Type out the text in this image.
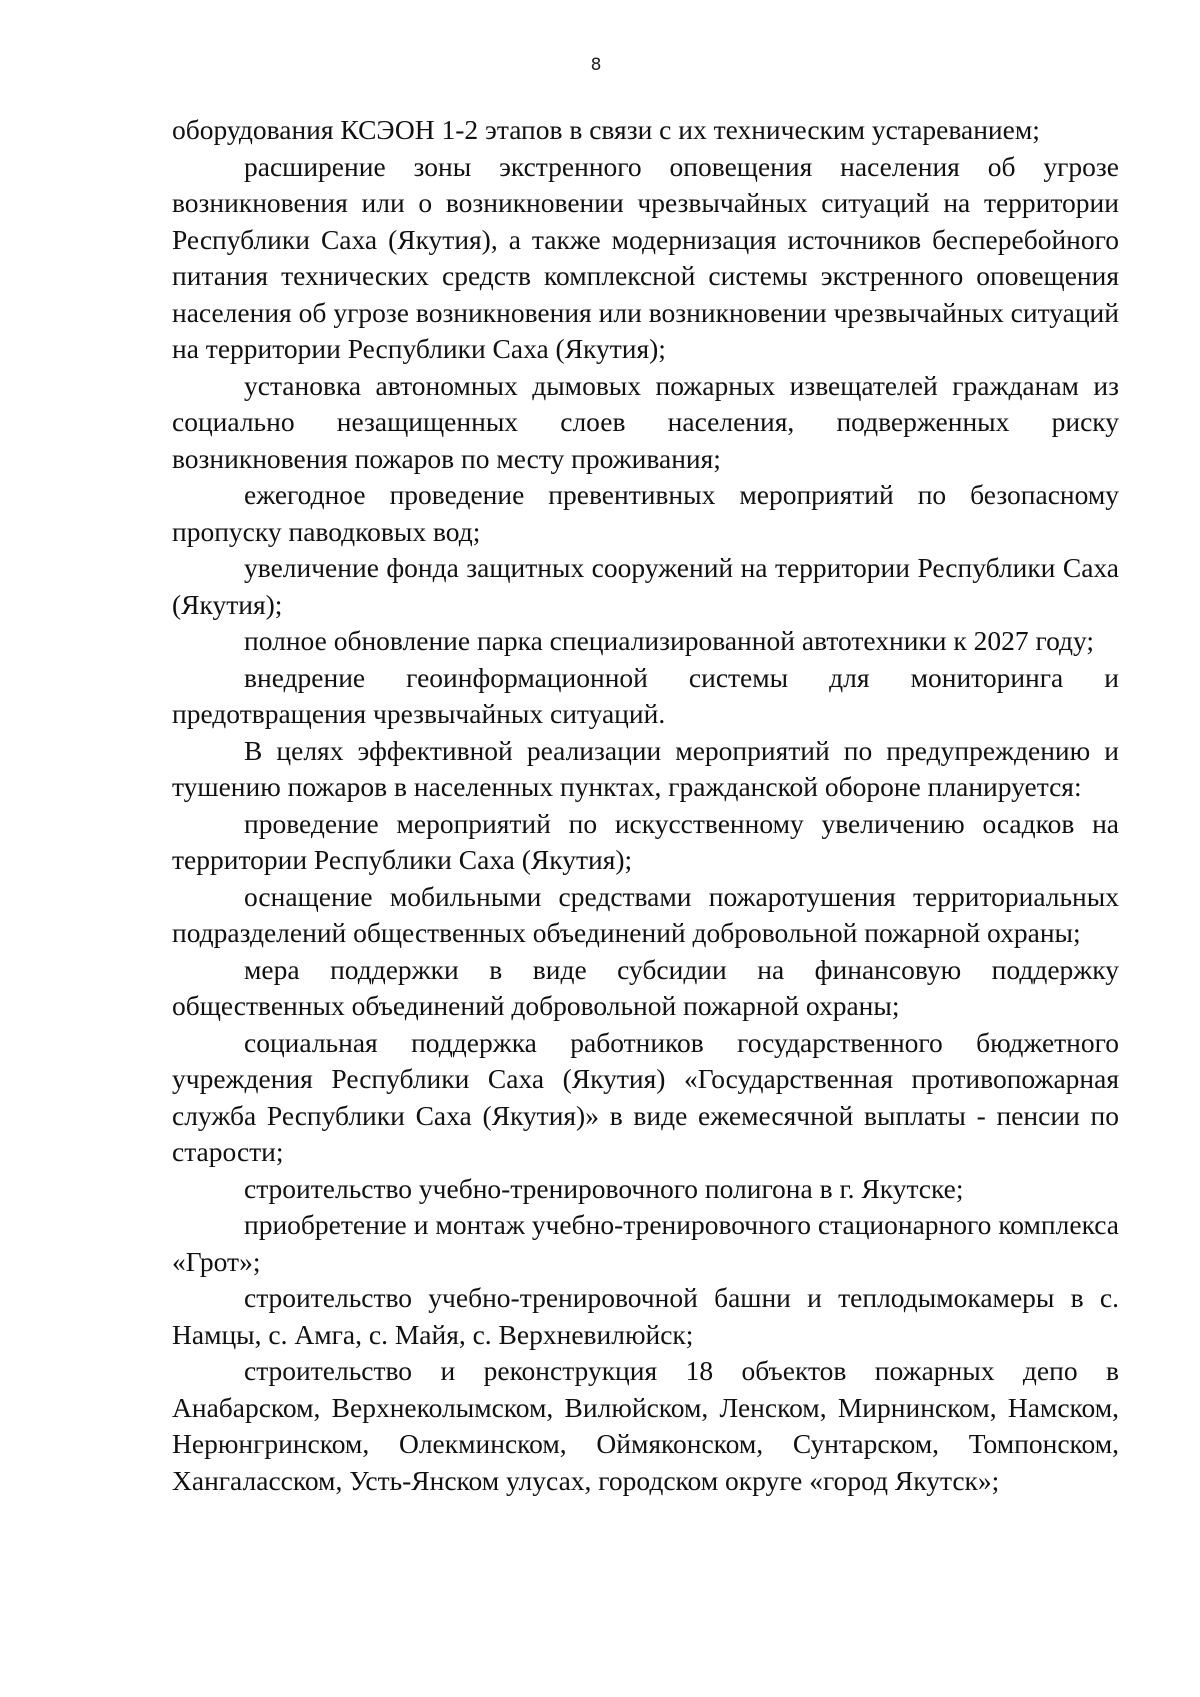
8

оборудования КСЭОН 1-2 этапов в связи с их техническим устареванием;

расширение зоны экстренного оповещения населения об угрозе возникновения или о возникновении чрезвычайных ситуаций на территории Республики Саха (Якутия), а также модернизация источников бесперебойного питания технических средств комплексной системы экстренного оповещения населения об угрозе возникновения или возникновении чрезвычайных ситуаций на территории Республики Саха (Якутия);

установка автономных дымовых пожарных извещателей гражданам из социально незащищенных слоев населения, подверженных риску возникновения пожаров по месту проживания;

ежегодное проведение превентивных мероприятий по безопасному пропуску паводковых вод;

увеличение фонда защитных сооружений на территории Республики Саха (Якутия);

полное обновление парка специализированной автотехники к 2027 году;

внедрение геоинформационной системы для мониторинга и предотвращения чрезвычайных ситуаций.

В целях эффективной реализации мероприятий по предупреждению и тушению пожаров в населенных пунктах, гражданской обороне планируется:

проведение мероприятий по искусственному увеличению осадков на территории Республики Саха (Якутия);

оснащение мобильными средствами пожаротушения территориальных подразделений общественных объединений добровольной пожарной охраны;

мера поддержки в виде субсидии на финансовую поддержку общественных объединений добровольной пожарной охраны;

социальная поддержка работников государственного бюджетного учреждения Республики Саха (Якутия) «Государственная противопожарная служба Республики Саха (Якутия)» в виде ежемесячной выплаты - пенсии по старости;

строительство учебно-тренировочного полигона в г. Якутске;

приобретение и монтаж учебно-тренировочного стационарного комплекса «Грот»;

строительство учебно-тренировочной башни и теплодымокамеры в с. Намцы, с. Амга, с. Майя, с. Верхневилюйск;

строительство и реконструкция 18 объектов пожарных депо в Анабарском, Верхнеколымском, Вилюйском, Ленском, Мирнинском, Намском, Нерюнгринском, Олекминском, Оймяконском, Сунтарском, Томпонском, Хангаласском, Усть-Янском улусах, городском округе «город Якутск»;
